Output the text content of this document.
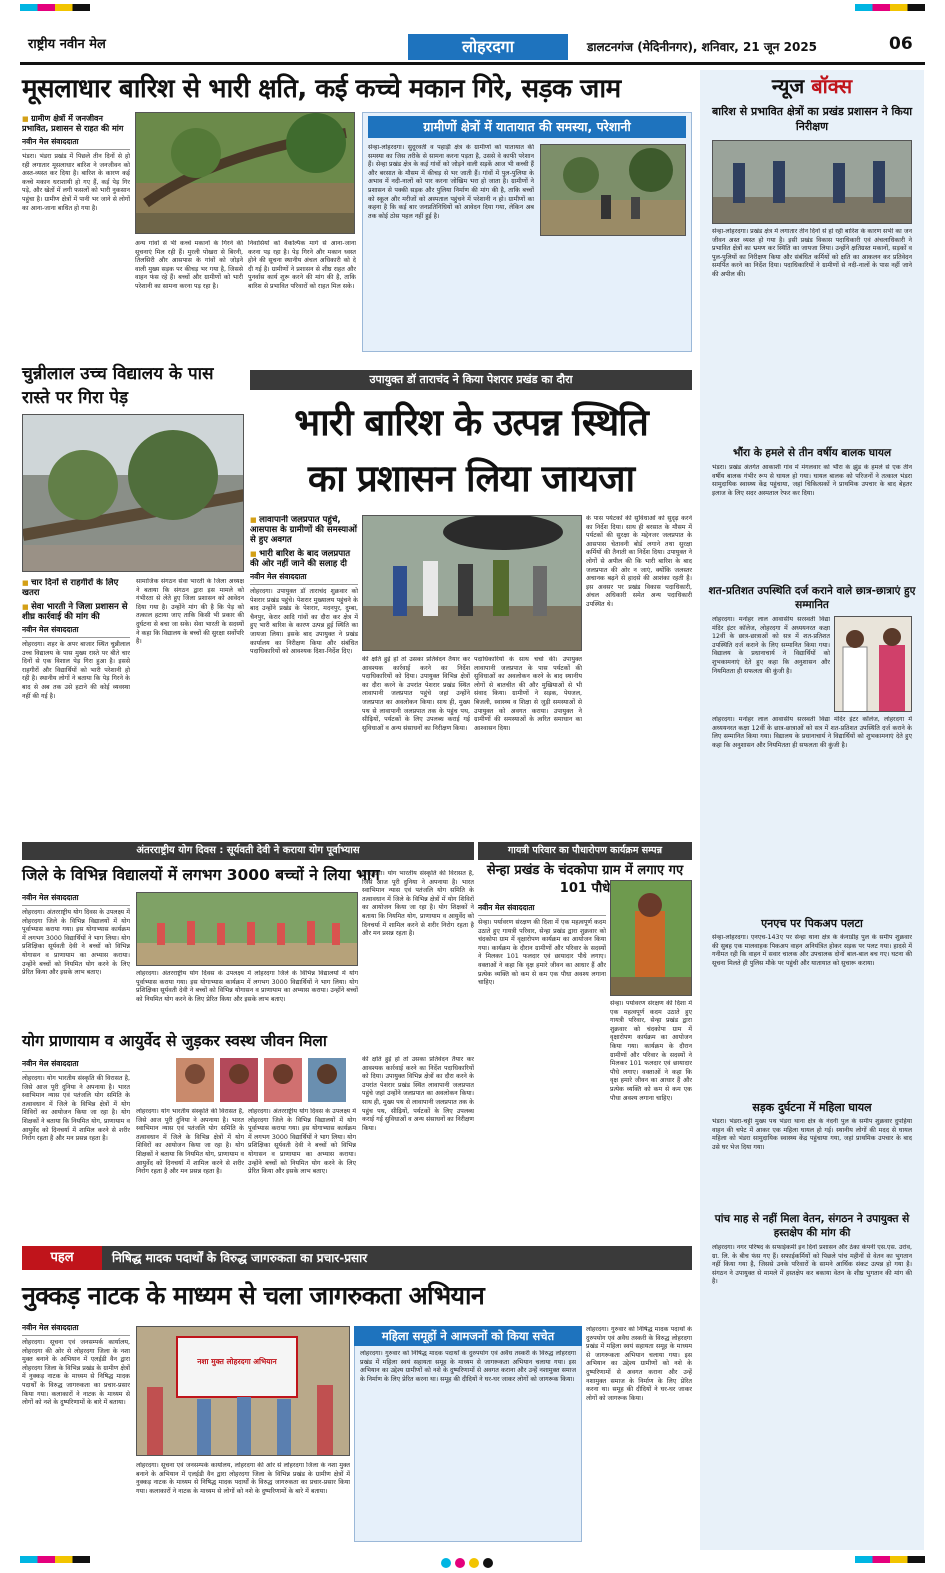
राष्ट्रीय नवीन मेल	लोहरदगा	डालटनगंज (मेदिनीनगर), शनिवार, 21 जून 2025	06
मूसलाधार बारिश से भारी क्षति, कई कच्चे मकान गिरे, सड़क जाम
■ ग्रामीण क्षेत्रों में जनजीवन प्रभावित, प्रशासन से राहत की मांग
नवीन मेल संवाददाता
भंडरा। भंडरा प्रखंड में पिछले तीन दिनों से हो रही लगातार मूसलाधार बारिश ने जनजीवन को अस्त-व्यस्त कर दिया है। बारिश के कारण कई कच्चे मकान धराशायी हो गए हैं, कई पेड़ गिर पड़े, और खेतों में लगी फसलों को भारी नुकसान पहुंचा है। ग्रामीण क्षेत्रों में पानी भर जाने से लोगों का आना-जाना बाधित हो गया है।
अन्य गांवों से भी कच्चे मकानों के गिरने की सूचनाएं मिल रही हैं। मुरली पोखरा से बिरनी, तिलसिरी और आसपास के गांवों को जोड़ने वाली मुख्य सड़क पर कीचड़ भर गया है, जिससे वाहन फंस रहे हैं। बच्चों और ग्रामीणों को भारी परेशानी का सामना करना पड़ रहा है।
निवासियों को वैकल्पिक मार्ग से आना-जाना करना पड़ रहा है। पेड़ गिरने और मकान ध्वस्त होने की सूचना स्थानीय अंचल अधिकारी को दे दी गई है। ग्रामीणों ने प्रशासन से शीघ्र राहत और पुनर्वास कार्य शुरू करने की मांग की है, ताकि बारिश से प्रभावित परिवारों को राहत मिल सके।
ग्रामीणों क्षेत्रों में यातायात की समस्या, परेशानी
सेन्हा-लोहरदगा। सुदूरवर्ती व पहाड़ी क्षेत्र के ग्रामीणों को यातायात की समस्या का जिस तरीके से सामना करना पड़ता है, उससे वे काफी परेशान हैं। सेन्हा प्रखंड क्षेत्र के कई गांवों को जोड़ने वाली सड़कें आज भी कच्ची हैं और बरसात के मौसम में कीचड़ से भर जाती हैं। गांवों में पुल-पुलिया के अभाव में नदी-नालों को पार करना जोखिम भरा हो जाता है। ग्रामीणों ने प्रशासन से पक्की सड़क और पुलिया निर्माण की मांग की है, ताकि बच्चों को स्कूल और मरीजों को अस्पताल पहुंचने में परेशानी न हो। ग्रामीणों का कहना है कि कई बार जनप्रतिनिधियों को आवेदन दिया गया, लेकिन अब तक कोई ठोस पहल नहीं हुई है।
चुन्नीलाल उच्च विद्यालय के पास रास्ते पर गिरा पेड़
■ चार दिनों से राहगीरों के लिए खतरा
■ सेवा भारती ने जिला प्रशासन से शीघ्र कार्रवाई की मांग की
नवीन मेल संवाददाता
लोहरदगा। शहर के अपर बाजार स्थित चुन्नीलाल उच्च विद्यालय के पास मुख्य रास्ते पर बीते चार दिनों से एक विशाल पेड़ गिरा हुआ है। इससे राहगीरों और विद्यार्थियों को भारी परेशानी हो रही है। स्थानीय लोगों ने बताया कि पेड़ गिरने के बाद से अब तक उसे हटाने की कोई व्यवस्था नहीं की गई है।
सामाजिक संगठन सेवा भारती के जिला अध्यक्ष ने बताया कि संगठन द्वारा इस मामले को गंभीरता से लेते हुए जिला प्रशासन को आवेदन दिया गया है। उन्होंने मांग की है कि पेड़ को तत्काल हटाया जाए ताकि किसी भी प्रकार की दुर्घटना से बचा जा सके। सेवा भारती के सदस्यों ने कहा कि विद्यालय के बच्चों की सुरक्षा सर्वोपरि है।
उपायुक्त डॉ ताराचंद ने किया पेशरार प्रखंड का दौरा
भारी बारिश के उत्पन्न स्थिति
का प्रशासन लिया जायजा
■ लावापानी जलप्रपात पहुंचे, आसपास के ग्रामीणों की समस्याओं से हुए अवगत
■ भारी बारिश के बाद जलप्रपात की ओर नहीं जाने की सलाह दी
नवीन मेल संवाददाता
लोहरदगा। उपायुक्त डॉ ताराचंद शुक्रवार को पेशरार प्रखंड पहुंचे। पेशरार मुख्यालय पहुंचने के बाद उन्होंने प्रखंड के पेशरार, मदनपुर, दुम्बा, चैनपुर, केरार आदि गांवों का दौरा कर क्षेत्र में हुए भारी बारिश के कारण उत्पन्न हुई स्थिति का जायजा लिया। इसके बाद उपायुक्त ने प्रखंड कार्यालय का निरीक्षण किया और संबंधित पदाधिकारियों को आवश्यक दिशा-निर्देश दिए।
की क्षति हुई हो तो उसका प्रतिवेदन तैयार कर आवश्यक कार्रवाई करने का निर्देश पदाधिकारियों को दिया। उपायुक्त विभिन्न क्षेत्रों का दौरा करने के उपरांत पेशरार प्रखंड स्थित लावापानी जलप्रपात पहुंचे जहां उन्होंने जलप्रपात का अवलोकन किया। साथ ही, मुख्य पथ से लावापानी जलप्रपात तक के पहुंच पथ, सीढ़ियों, पर्यटकों के लिए उपलब्ध कराई गई सुविधाओं व अन्य संसाधनों का निरीक्षण किया।
पदाधिकारियों के साथ चर्चा की। उपायुक्त लावापानी जलप्रपात के पास पर्यटकों की सुविधाओं का अवलोकन करने के बाद स्थानीय लोगों से बातचीत की और मुखियाओं से भी संवाद किया। ग्रामीणों ने सड़क, पेयजल, बिजली, स्वास्थ्य व शिक्षा से जुड़ी समस्याओं से उपायुक्त को अवगत कराया। उपायुक्त ने ग्रामीणों की समस्याओं के त्वरित समाधान का आश्वासन दिया।
के पास पर्यटकों की सुविधाओं को सुदृढ़ करने का निर्देश दिया। साथ ही बरसात के मौसम में पर्यटकों की सुरक्षा के मद्देनजर जलप्रपात के आसपास चेतावनी बोर्ड लगाने तथा सुरक्षा कर्मियों की तैनाती का निर्देश दिया। उपायुक्त ने लोगों से अपील की कि भारी बारिश के बाद जलप्रपात की ओर न जाएं, क्योंकि जलस्तर अचानक बढ़ने से हादसे की आशंका रहती है। इस अवसर पर प्रखंड विकास पदाधिकारी, अंचल अधिकारी समेत अन्य पदाधिकारी उपस्थित थे।
अंतरराष्ट्रीय योग दिवस : सूर्यवती देवी ने कराया योग पूर्वाभ्यास
जिले के विभिन्न विद्यालयों में लगभग 3000 बच्चों ने लिया भाग
नवीन मेल संवाददाता
लोहरदगा। अंतरराष्ट्रीय योग दिवस के उपलक्ष्य में लोहरदगा जिले के विभिन्न विद्यालयों में योग पूर्वाभ्यास कराया गया। इस योगाभ्यास कार्यक्रम में लगभग 3000 विद्यार्थियों ने भाग लिया। योग प्रशिक्षिका सूर्यवती देवी ने बच्चों को विभिन्न योगासन व प्राणायाम का अभ्यास कराया। उन्होंने बच्चों को नियमित योग करने के लिए प्रेरित किया और इसके लाभ बताए।	लोहरदगा। अंतरराष्ट्रीय योग दिवस के उपलक्ष्य में लोहरदगा जिले के विभिन्न विद्यालयों में योग पूर्वाभ्यास कराया गया। इस योगाभ्यास कार्यक्रम में लगभग 3000 विद्यार्थियों ने भाग लिया। योग प्रशिक्षिका सूर्यवती देवी ने बच्चों को विभिन्न योगासन व प्राणायाम का अभ्यास कराया। उन्होंने बच्चों को नियमित योग करने के लिए प्रेरित किया और इसके लाभ बताए।
लोहरदगा। योग भारतीय संस्कृति की विरासत है, जिसे आज पूरी दुनिया ने अपनाया है। भारत स्वाभिमान न्यास एवं पतंजलि योग समिति के तत्वावधान में जिले के विभिन्न क्षेत्रों में योग शिविरों का आयोजन किया जा रहा है। योग शिक्षकों ने बताया कि नियमित योग, प्राणायाम व आयुर्वेद को दिनचर्या में शामिल करने से शरीर निरोग रहता है और मन प्रसन्न रहता है।
योग प्राणायाम व आयुर्वेद से जुड़कर स्वस्थ जीवन मिला
नवीन मेल संवाददाता
लोहरदगा। योग भारतीय संस्कृति की विरासत है, जिसे आज पूरी दुनिया ने अपनाया है। भारत स्वाभिमान न्यास एवं पतंजलि योग समिति के तत्वावधान में जिले के विभिन्न क्षेत्रों में योग शिविरों का आयोजन किया जा रहा है। योग शिक्षकों ने बताया कि नियमित योग, प्राणायाम व आयुर्वेद को दिनचर्या में शामिल करने से शरीर निरोग रहता है और मन प्रसन्न रहता है।
लोहरदगा। योग भारतीय संस्कृति की विरासत है, जिसे आज पूरी दुनिया ने अपनाया है। भारत स्वाभिमान न्यास एवं पतंजलि योग समिति के तत्वावधान में जिले के विभिन्न क्षेत्रों में योग शिविरों का आयोजन किया जा रहा है। योग शिक्षकों ने बताया कि नियमित योग, प्राणायाम व आयुर्वेद को दिनचर्या में शामिल करने से शरीर निरोग रहता है और मन प्रसन्न रहता है।
लोहरदगा। अंतरराष्ट्रीय योग दिवस के उपलक्ष्य में लोहरदगा जिले के विभिन्न विद्यालयों में योग पूर्वाभ्यास कराया गया। इस योगाभ्यास कार्यक्रम में लगभग 3000 विद्यार्थियों ने भाग लिया। योग प्रशिक्षिका सूर्यवती देवी ने बच्चों को विभिन्न योगासन व प्राणायाम का अभ्यास कराया। उन्होंने बच्चों को नियमित योग करने के लिए प्रेरित किया और इसके लाभ बताए।
की क्षति हुई हो तो उसका प्रतिवेदन तैयार कर आवश्यक कार्रवाई करने का निर्देश पदाधिकारियों को दिया। उपायुक्त विभिन्न क्षेत्रों का दौरा करने के उपरांत पेशरार प्रखंड स्थित लावापानी जलप्रपात पहुंचे जहां उन्होंने जलप्रपात का अवलोकन किया। साथ ही, मुख्य पथ से लावापानी जलप्रपात तक के पहुंच पथ, सीढ़ियों, पर्यटकों के लिए उपलब्ध कराई गई सुविधाओं व अन्य संसाधनों का निरीक्षण किया।
गायत्री परिवार का पौधारोपण कार्यक्रम सम्पन्न
सेन्हा प्रखंड के चंदकोपा ग्राम में लगाए गए 101 पौधे
नवीन मेल संवाददाता
सेन्हा। पर्यावरण संरक्षण की दिशा में एक महत्वपूर्ण कदम उठाते हुए गायत्री परिवार, सेन्हा प्रखंड द्वारा शुक्रवार को चंदकोपा ग्राम में वृक्षारोपण कार्यक्रम का आयोजन किया गया। कार्यक्रम के दौरान ग्रामीणों और परिवार के सदस्यों ने मिलकर 101 फलदार एवं छायादार पौधे लगाए। वक्ताओं ने कहा कि वृक्ष हमारे जीवन का आधार हैं और प्रत्येक व्यक्ति को कम से कम एक पौधा अवश्य लगाना चाहिए।
सेन्हा। पर्यावरण संरक्षण की दिशा में एक महत्वपूर्ण कदम उठाते हुए गायत्री परिवार, सेन्हा प्रखंड द्वारा शुक्रवार को चंदकोपा ग्राम में वृक्षारोपण कार्यक्रम का आयोजन किया गया। कार्यक्रम के दौरान ग्रामीणों और परिवार के सदस्यों ने मिलकर 101 फलदार एवं छायादार पौधे लगाए। वक्ताओं ने कहा कि वृक्ष हमारे जीवन का आधार हैं और प्रत्येक व्यक्ति को कम से कम एक पौधा अवश्य लगाना चाहिए।
पहल	निषिद्ध मादक पदार्थों के विरुद्ध जागरुकता का प्रचार-प्रसार
नुक्कड़ नाटक के माध्यम से चला जागरुकता अभियान
नवीन मेल संवाददाता
लोहरदगा। सूचना एवं जनसम्पर्क कार्यालय, लोहरदगा की ओर से लोहरदगा जिला के नशा मुक्त बनाने के अभियान में एलईडी वैन द्वारा लोहरदगा जिला के विभिन्न प्रखंड के ग्रामीण क्षेत्रों में नुक्कड़ नाटक के माध्यम से निषिद्ध मादक पदार्थों के विरुद्ध जागरुकता का प्रचार-प्रसार किया गया। कलाकारों ने नाटक के माध्यम से लोगों को नशे के दुष्परिणामों के बारे में बताया।
नशा मुक्त लोहरदगा अभियान
लोहरदगा। सूचना एवं जनसम्पर्क कार्यालय, लोहरदगा की ओर से लोहरदगा जिला के नशा मुक्त बनाने के अभियान में एलईडी वैन द्वारा लोहरदगा जिला के विभिन्न प्रखंड के ग्रामीण क्षेत्रों में नुक्कड़ नाटक के माध्यम से निषिद्ध मादक पदार्थों के विरुद्ध जागरुकता का प्रचार-प्रसार किया गया। कलाकारों ने नाटक के माध्यम से लोगों को नशे के दुष्परिणामों के बारे में बताया।
महिला समूहों ने आमजनों को किया सचेत
लोहरदगा। गुरुवार को निषिद्ध मादक पदार्थों के दुरुपयोग एवं अवैध तस्करी के विरुद्ध लोहरदगा प्रखंड में महिला स्वयं सहायता समूह के माध्यम से जागरूकता अभियान चलाया गया। इस अभियान का उद्देश्य ग्रामीणों को नशे के दुष्परिणामों से अवगत कराना और उन्हें नशामुक्त समाज के निर्माण के लिए प्रेरित करना था। समूह की दीदियों ने घर-घर जाकर लोगों को जागरूक किया।
लोहरदगा। गुरुवार को निषिद्ध मादक पदार्थों के दुरुपयोग एवं अवैध तस्करी के विरुद्ध लोहरदगा प्रखंड में महिला स्वयं सहायता समूह के माध्यम से जागरूकता अभियान चलाया गया। इस अभियान का उद्देश्य ग्रामीणों को नशे के दुष्परिणामों से अवगत कराना और उन्हें नशामुक्त समाज के निर्माण के लिए प्रेरित करना था। समूह की दीदियों ने घर-घर जाकर लोगों को जागरूक किया।
न्यूज बॉक्स
बारिश से प्रभावित क्षेत्रों का प्रखंड प्रशासन ने किया निरीक्षण
सेन्हा-लोहरदगा। प्रखंड क्षेत्र में लगातार तीन दिनों से हो रही बारिश के कारण सभी का जन जीवन अस्त व्यस्त हो गया है। इसी प्रखंड विकास पदाधिकारी एवं अंचलाधिकारी ने प्रभावित क्षेत्रों का भ्रमण कर स्थिति का जायजा लिया। उन्होंने क्षतिग्रस्त मकानों, सड़कों व पुल-पुलियों का निरीक्षण किया और संबंधित कर्मियों को क्षति का आकलन कर प्रतिवेदन समर्पित करने का निर्देश दिया। पदाधिकारियों ने ग्रामीणों से नदी-नालों के पास नहीं जाने की अपील की।
भौंरा के हमले से तीन वर्षीय बालक घायल
भंडरा। प्रखंड अंतर्गत आकाशी गांव में मंगलवार को भौंरा के झुंड के हमले से एक तीन वर्षीय बालक गंभीर रूप से घायल हो गया। घायल बालक को परिजनों ने तत्काल भंडरा सामुदायिक स्वास्थ्य केंद्र पहुंचाया, जहां चिकित्सकों ने प्राथमिक उपचार के बाद बेहतर इलाज के लिए सदर अस्पताल रेफर कर दिया।
शत-प्रतिशत उपस्थिति दर्ज कराने वाले छात्र-छात्राएं हुए सम्मानित
लोहरदगा। मनोहर लाल आवासीय सरस्वती विद्या मंदिर इंटर कॉलेज, लोहरदगा में अध्ययनरत कक्षा 12वीं के छात्र-छात्राओं को सत्र में शत-प्रतिशत उपस्थिति दर्ज कराने के लिए सम्मानित किया गया। विद्यालय के प्रधानाचार्य ने विद्यार्थियों को शुभकामनाएं देते हुए कहा कि अनुशासन और नियमितता ही सफलता की कुंजी है।
लोहरदगा। मनोहर लाल आवासीय सरस्वती विद्या मंदिर इंटर कॉलेज, लोहरदगा में अध्ययनरत कक्षा 12वीं के छात्र-छात्राओं को सत्र में शत-प्रतिशत उपस्थिति दर्ज कराने के लिए सम्मानित किया गया। विद्यालय के प्रधानाचार्य ने विद्यार्थियों को शुभकामनाएं देते हुए कहा कि अनुशासन और नियमितता ही सफलता की कुंजी है।
एनएच पर पिकअप पलटा
सेन्हा-लोहरदगा। एनएच-143ए पर सेन्हा थाना क्षेत्र के केनाडीह पुल के समीप शुक्रवार की सुबह एक मालवाहक पिकअप वाहन अनियंत्रित होकर सड़क पर पलट गया। हादसे में गनीमत रही कि वाहन में सवार चालक और उपचालक दोनों बाल-बाल बच गए। घटना की सूचना मिलते ही पुलिस मौके पर पहुंची और यातायात को सुचारू कराया।
सड़क दुर्घटना में महिला घायल
भंडरा। भंडरा-चट्टी मुख्य पथ भंडरा थाना क्षेत्र के नंदनी पुल के समीप शुक्रवार दुपहिया वाहन की चपेट में आकर एक महिला घायल हो गई। स्थानीय लोगों की मदद से घायल महिला को भंडरा सामुदायिक स्वास्थ्य केंद्र पहुंचाया गया, जहां प्राथमिक उपचार के बाद उसे घर भेज दिया गया।
पांच माह से नहीं मिला वेतन, संगठन ने उपायुक्त से हस्तक्षेप की मांग की
लोहरदगा। नगर परिषद के सफाईकर्मी इन दिनों प्रशासन और ठेका कंपनी एस.एस. उरांव, ग्रा. लि. के बीच फंस गए हैं। सफाईकर्मियों को पिछले पांच महीनों से वेतन का भुगतान नहीं किया गया है, जिससे उनके परिवारों के सामने आर्थिक संकट उत्पन्न हो गया है। संगठन ने उपायुक्त से मामले में हस्तक्षेप कर बकाया वेतन के शीघ्र भुगतान की मांग की है।
